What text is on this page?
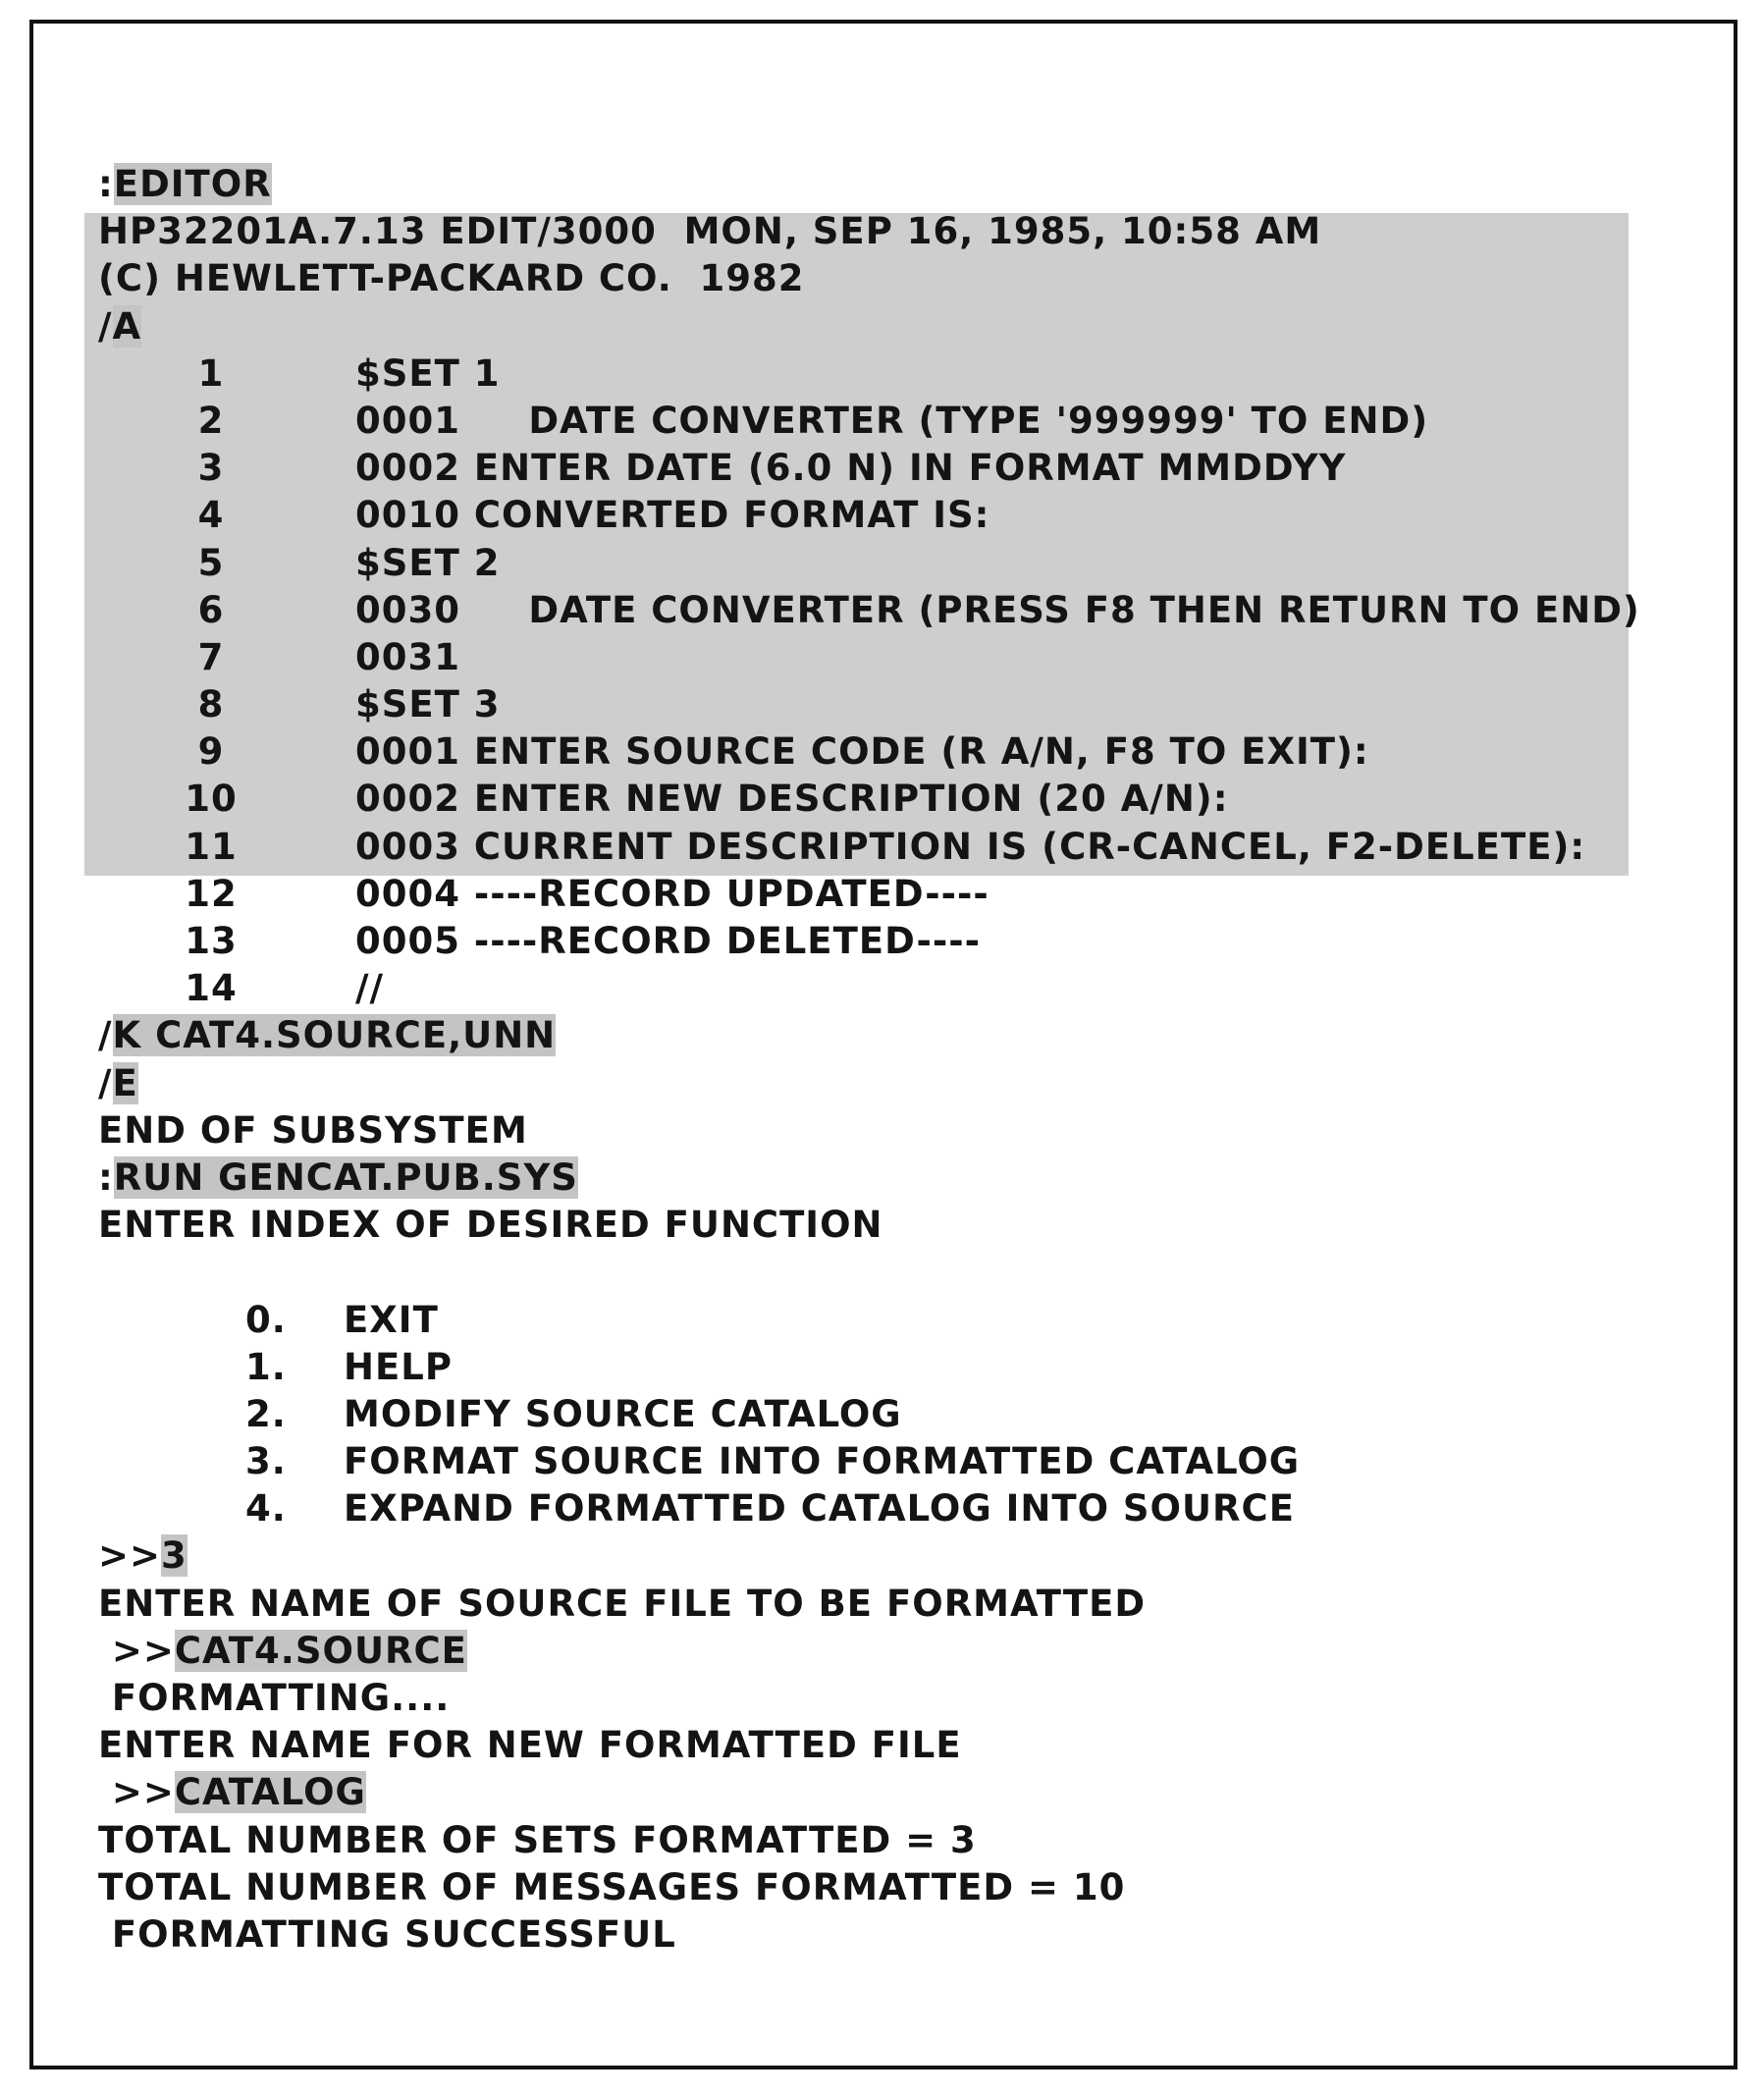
:EDITOR
HP32201A.7.13 EDIT/3000  MON, SEP 16, 1985, 10:58 AM
(C) HEWLETT-PACKARD CO.  1982
/A
1	$SET 1
2	0001     DATE CONVERTER (TYPE '999999' TO END)
3	0002 ENTER DATE (6.0 N) IN FORMAT MMDDYY
4	0010 CONVERTED FORMAT IS:
5	$SET 2
6	0030     DATE CONVERTER (PRESS F8 THEN RETURN TO END)
7	0031
8	$SET 3
9	0001 ENTER SOURCE CODE (R A/N, F8 TO EXIT):
10	0002 ENTER NEW DESCRIPTION (20 A/N):
11	0003 CURRENT DESCRIPTION IS (CR-CANCEL, F2-DELETE):
12	0004 ----RECORD UPDATED----
13	0005 ----RECORD DELETED----
14	//
/K CAT4.SOURCE,UNN
/E
END OF SUBSYSTEM
:RUN GENCAT.PUB.SYS
ENTER INDEX OF DESIRED FUNCTION
0. EXIT
1. HELP
2. MODIFY SOURCE CATALOG
3. FORMAT SOURCE INTO FORMATTED CATALOG
4. EXPAND FORMATTED CATALOG INTO SOURCE
>>3
ENTER NAME OF SOURCE FILE TO BE FORMATTED
>>CAT4.SOURCE
FORMATTING....
ENTER NAME FOR NEW FORMATTED FILE
>>CATALOG
TOTAL NUMBER OF SETS FORMATTED = 3
TOTAL NUMBER OF MESSAGES FORMATTED = 10
FORMATTING SUCCESSFUL
